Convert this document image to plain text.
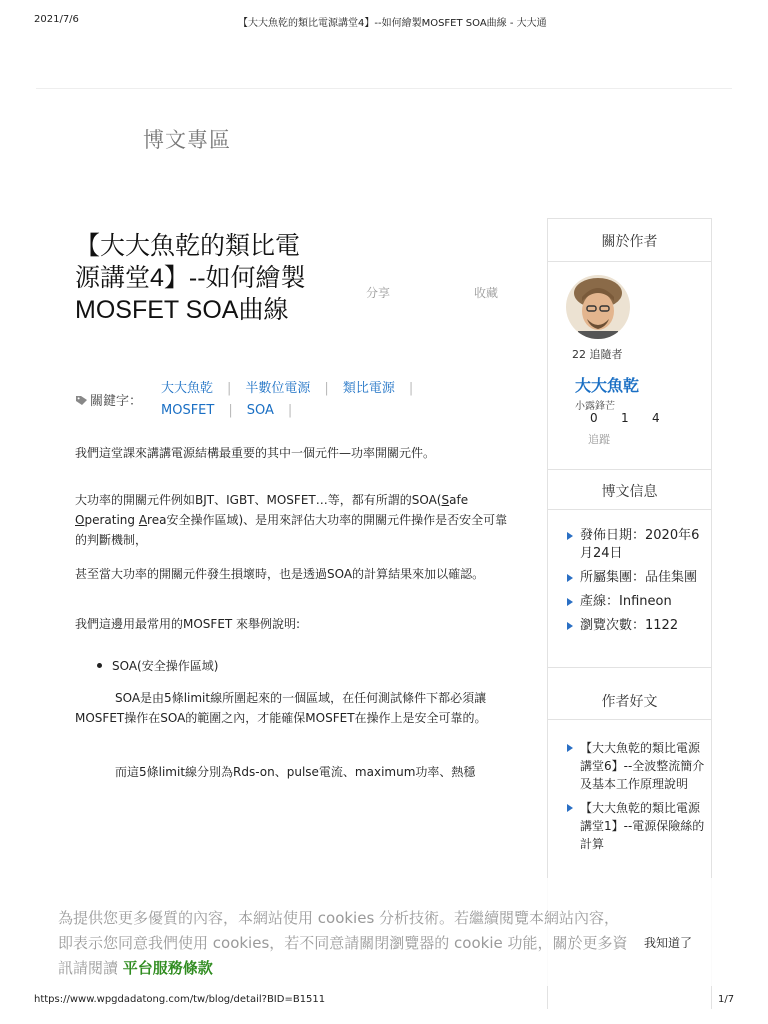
2021/7/6	【大大魚乾的類比電源講堂4】--如何繪製MOSFET SOA曲線 - 大大通
博文專區
【大大魚乾的類比電源講堂4】--如何繪製MOSFET SOA曲線
分享	收藏
關鍵字：
大大魚乾 | 半數位電源 | 類比電源 |
MOSFET | SOA |
我們這堂課來講講電源結構最重要的其中一個元件—功率開關元件。
大功率的開關元件例如BJT、IGBT、MOSFET…等，都有所謂的SOA(Safe Operating Area安全操作區域)、是用來評估大功率的開關元件操作是否安全可靠的判斷機制，
甚至當大功率的開關元件發生損壞時，也是透過SOA的計算結果來加以確認。
我們這邊用最常用的MOSFET 來舉例說明:
SOA(安全操作區域)
SOA是由5條limit線所圍起來的一個區域，在任何測試條件下都必須讓MOSFET操作在SOA的範圍之內，才能確保MOSFET在操作上是安全可靠的。
而這5條limit線分別為Rds-on、pulse電流、maximum功率、熱穩
關於作者
22 追隨者
大大魚乾
小露鋒芒
0 1 4
追蹤
博文信息
發佈日期：2020年6月24日
所屬集團：品佳集團
產線：Infineon
瀏覽次數：1122
作者好文
【大大魚乾的類比電源講堂6】--全波整流簡介及基本工作原理說明
【大大魚乾的類比電源講堂1】--電源保險絲的計算
為提供您更多優質的內容，本網站使用 cookies 分析技術。若繼續閱覽本網站內容，即表示您同意我們使用 cookies，若不同意請關閉瀏覽器的 cookie 功能，關於更多資訊請閱讀 平台服務條款
我知道了
https://www.wpgdadatong.com/tw/blog/detail?BID=B1511	1/7
